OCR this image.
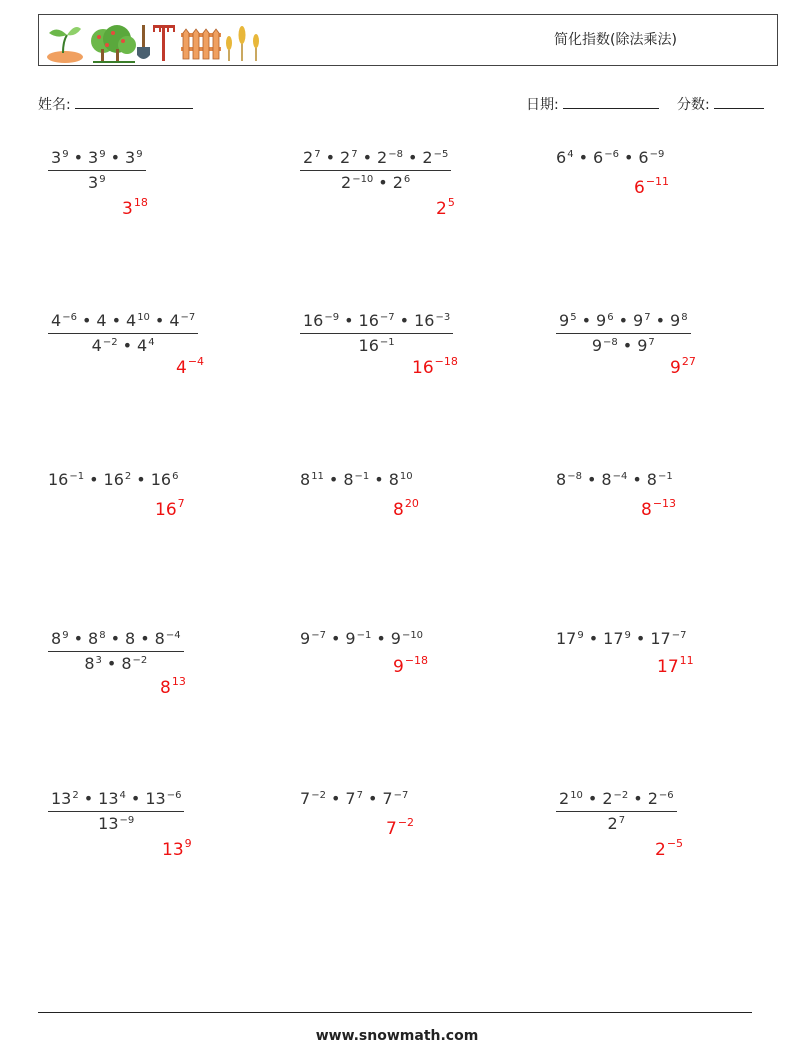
简化指数(除法乘法)
姓名:	日期:	分数:
$\frac{3^9 • 3^9 • 3^9}{3^9}$
$3^{18}$
$\frac{2^7 • 2^7 • 2^{-8} • 2^{-5}}{2^{-10} • 2^6}$
$2^5$
$6^4$ • $6^{-6}$ • $6^{-9}$
$6^{-11}$
$\frac{4^{-6} • 4 • 4^{10} • 4^{-7}}{4^{-2} • 4^4}$
$4^{-4}$
$\frac{16^{-9} • 16^{-7} • 16^{-3}}{16^{-1}}$
$16^{-18}$
$\frac{9^5 • 9^6 • 9^7 • 9^8}{9^{-8} • 9^7}$
$9^{27}$
$16^{-1}$ • $16^2$ • $16^6$
$16^7$
$8^{11}$ • $8^{-1}$ • $8^{10}$
$8^{20}$
$8^{-8}$ • $8^{-4}$ • $8^{-1}$
$8^{-13}$
$\frac{8^9 • 8^8 • 8 • 8^{-4}}{8^3 • 8^{-2}}$
$8^{13}$
$9^{-7}$ • $9^{-1}$ • $9^{-10}$
$9^{-18}$
$17^9$ • $17^9$ • $17^{-7}$
$17^{11}$
$\frac{13^2 • 13^4 • 13^{-6}}{13^{-9}}$
$13^9$
$7^{-2}$ • $7^7$ • $7^{-7}$
$7^{-2}$	$\frac{2^{10} • 2^{-2} • 2^{-6}}{2^7}$
$2^{-5}$
www.snowmath.com
